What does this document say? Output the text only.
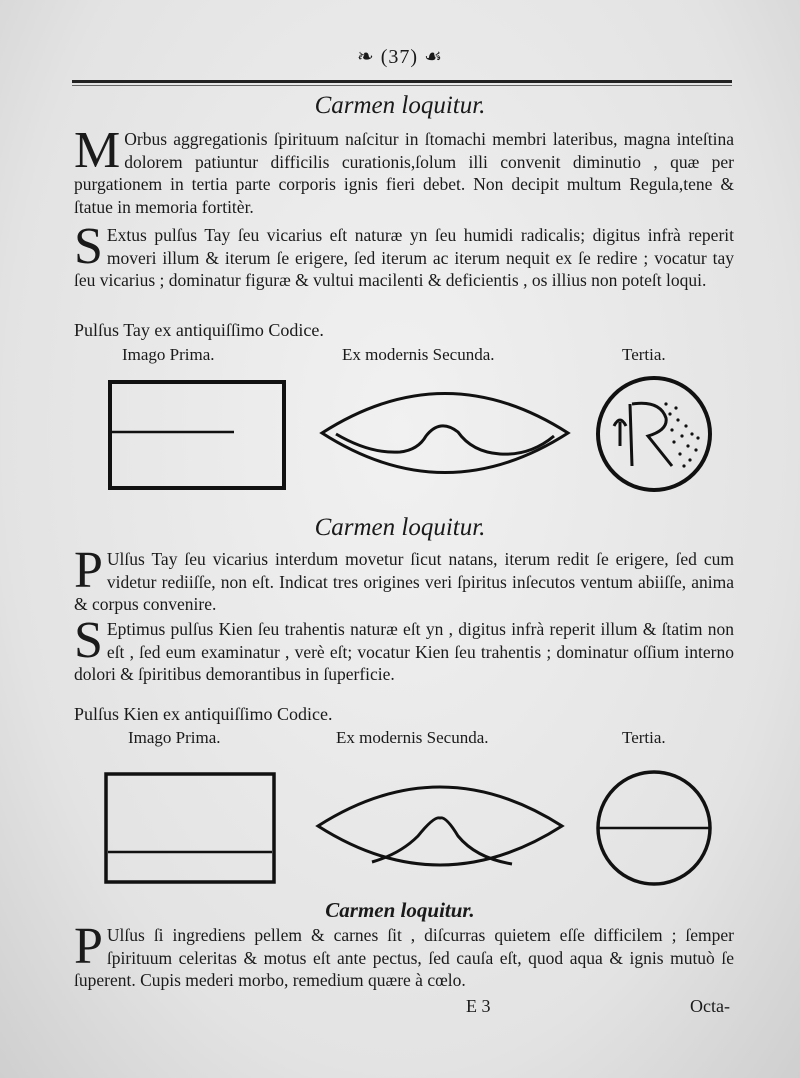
❧ (37) ☙
Carmen loquitur.

M Orbus aggregationis ſpirituum naſcitur in ſtomachi membri lateribus, magna inteſtina dolorem patiuntur difficilis curationis,ſolum illi convenit diminutio , quæ per purgationem in tertia parte corporis ignis fieri debet. Non decipit multum Regula,tene & ſtatue in memoria fortitèr.

S Extus pulſus Tay ſeu vicarius eſt naturæ yn ſeu humidi radicalis; digitus infrà reperit moveri illum & iterum ſe erigere, ſed iterum ac iterum nequit ex ſe redire ; vocatur tay ſeu vicarius ; dominatur figuræ & vultui macilenti & deficientis , os illius non poteſt loqui.

Pulſus Tay ex antiquiſſimo Codice.
Imago Prima.	Ex modernis Secunda.	Tertia.
Carmen loquitur.

P Ulſus Tay ſeu vicarius interdum movetur ſicut natans, iterum redit ſe erigere, ſed cum videtur rediiſſe, non eſt. Indicat tres origines veri ſpiritus inſecutos ventum abiiſſe, anima & corpus convenire.

S Eptimus pulſus Kien ſeu trahentis naturæ eſt yn , digitus infrà reperit illum & ſtatim non eſt , ſed eum examinatur , verè eſt; vocatur Kien ſeu trahentis ; dominatur oſſium interno dolori & ſpiritibus demorantibus in ſuperficie.

Pulſus Kien ex antiquiſſimo Codice.
Imago Prima.	Ex modernis Secunda.	Tertia.
Carmen loquitur.

P Ulſus ſi ingrediens pellem & carnes ſit , diſcurras quietem eſſe difficilem ; ſemper ſpirituum celeritas & motus eſt ante pectus, ſed cauſa eſt, quod aqua & ignis mutuò ſe ſuperent. Cupis mederi morbo, remedium quære à cœlo.

E 3	Octa-
